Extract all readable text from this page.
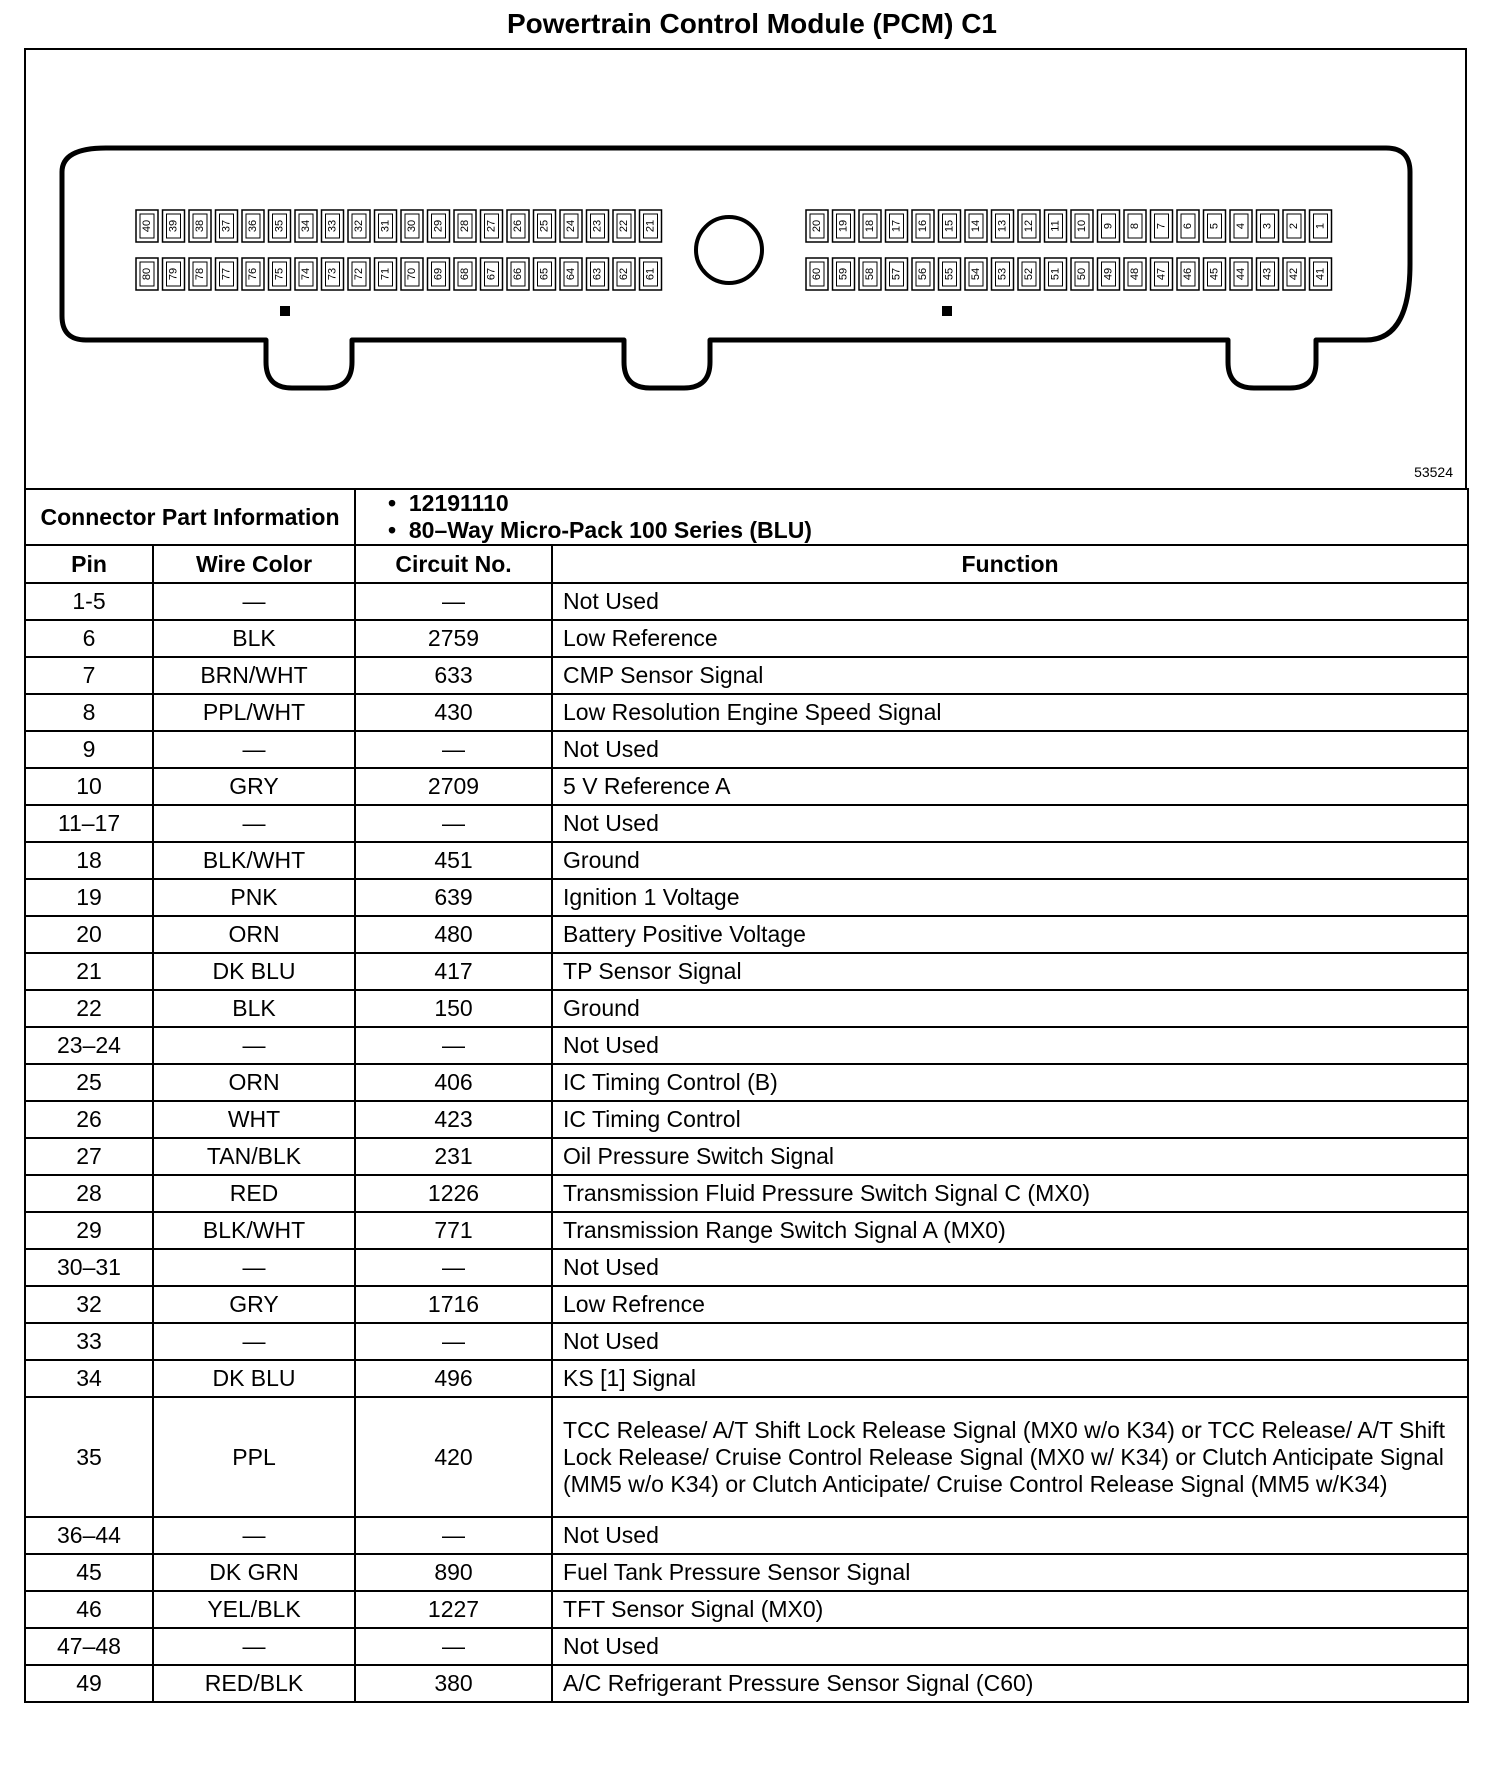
Powertrain Control Module (PCM) C1
40 39 38 37 36 35 34 33 32 31 30 29 28 27 26 25 24 23 22 21
80 79 78 77 76 75 74 73 72 71 70 69 68 67 66 65 64 63 62 61
20 19 18 17 16 15 14 13 12 11 10 9 8 7 6 5 4 3 2 1
60 59 58 57 56 55 54 53 52 51 50 49 48 47 46 45 44 43 42 41
53524
Connector Part Information		•  12191110
•  80–Way Micro-Pack 100 Series (BLU)

Pin	Wire Color	Circuit No.	Function
1-5	—	—	Not Used
6	BLK	2759	Low Reference
7	BRN/WHT	633	CMP Sensor Signal
8	PPL/WHT	430	Low Resolution Engine Speed Signal
9	—	—	Not Used
10	GRY	2709	5 V Reference A
11–17	—	—	Not Used
18	BLK/WHT	451	Ground
19	PNK	639	Ignition 1 Voltage
20	ORN	480	Battery Positive Voltage
21	DK BLU	417	TP Sensor Signal
22	BLK	150	Ground
23–24	—	—	Not Used
25	ORN	406	IC Timing Control (B)
26	WHT	423	IC Timing Control
27	TAN/BLK	231	Oil Pressure Switch Signal
28	RED	1226	Transmission Fluid Pressure Switch Signal C (MX0)
29	BLK/WHT	771	Transmission Range Switch Signal A (MX0)
30–31	—	—	Not Used
32	GRY	1716	Low Refrence
33	—	—	Not Used
34	DK BLU	496	KS [1] Signal
35	PPL	420	TCC Release/ A/T Shift Lock Release Signal (MX0 w/o K34) or TCC Release/ A/T Shift Lock Release/ Cruise Control Release Signal (MX0 w/ K34) or Clutch Anticipate Signal (MM5 w/o K34) or Clutch Anticipate/ Cruise Control Release Signal (MM5 w/K34)
36–44	—	—	Not Used
45	DK GRN	890	Fuel Tank Pressure Sensor Signal
46	YEL/BLK	1227	TFT Sensor Signal (MX0)
47–48	—	—	Not Used
49	RED/BLK	380	A/C Refrigerant Pressure Sensor Signal (C60)
